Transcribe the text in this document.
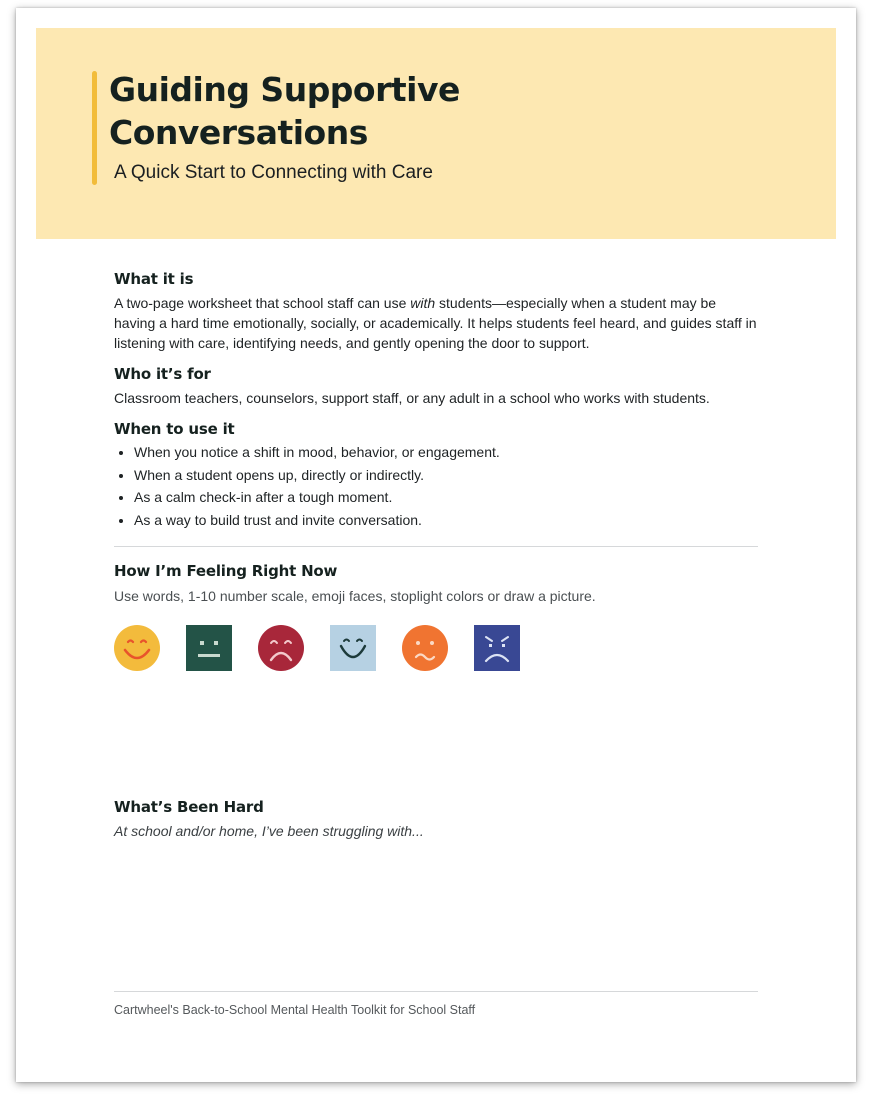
Guiding Supportive
Conversations
A Quick Start to Connecting with Care
What it is

A two-page worksheet that school staff can use with students—especially when a student may be having a hard time emotionally, socially, or academically. It helps students feel heard, and guides staff in listening with care, identifying needs, and gently opening the door to support.

Who it’s for

Classroom teachers, counselors, support staff, or any adult in a school who works with students.

When to use it
• When you notice a shift in mood, behavior, or engagement.
• When a student opens up, directly or indirectly.
• As a calm check-in after a tough moment.
• As a way to build trust and invite conversation.
How I’m Feeling Right Now

Use words, 1-10 number scale, emoji faces, stoplight colors or draw a picture.

What’s Been Hard

At school and/or home, I’ve been struggling with...

Cartwheel's Back-to-School Mental Health Toolkit for School Staff
